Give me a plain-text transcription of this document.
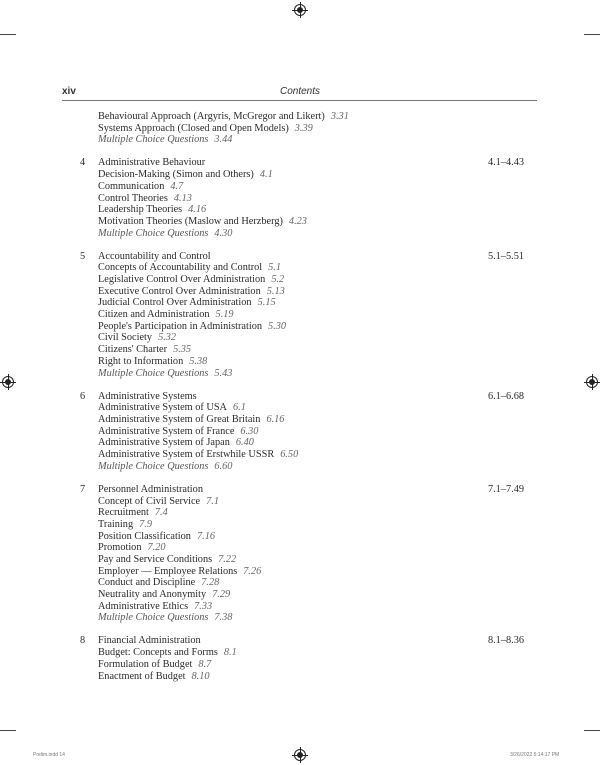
xiv	Contents
Behavioural Approach (Argyris, McGregor and Likert) 3.31
Systems Approach (Closed and Open Models) 3.39
Multiple Choice Questions 3.44
4 Administrative Behaviour	4.1–4.43
Decision-Making (Simon and Others) 4.1
Communication 4.7
Control Theories 4.13
Leadership Theories 4.16
Motivation Theories (Maslow and Herzberg) 4.23
Multiple Choice Questions 4.30
5 Accountability and Control	5.1–5.51
Concepts of Accountability and Control 5.1
Legislative Control Over Administration 5.2
Executive Control Over Administration 5.13
Judicial Control Over Administration 5.15
Citizen and Administration 5.19
People's Participation in Administration 5.30
Civil Society 5.32
Citizens' Charter 5.35
Right to Information 5.38
Multiple Choice Questions 5.43
6 Administrative Systems	6.1–6.68
Administrative System of USA 6.1
Administrative System of Great Britain 6.16
Administrative System of France 6.30
Administrative System of Japan 6.40
Administrative System of Erstwhile USSR 6.50
Multiple Choice Questions 6.60
7 Personnel Administration	7.1–7.49
Concept of Civil Service 7.1
Recruitment 7.4
Training 7.9
Position Classification 7.16
Promotion 7.20
Pay and Service Conditions 7.22
Employer — Employee Relations 7.26
Conduct and Discipline 7.28
Neutrality and Anonymity 7.29
Administrative Ethics 7.33
Multiple Choice Questions 7.38
8 Financial Administration	8.1–8.36
Budget: Concepts and Forms 8.1
Formulation of Budget 8.7
Enactment of Budget 8.10
Prelim.indd 14	3/26/2022 5:14:17 PM
